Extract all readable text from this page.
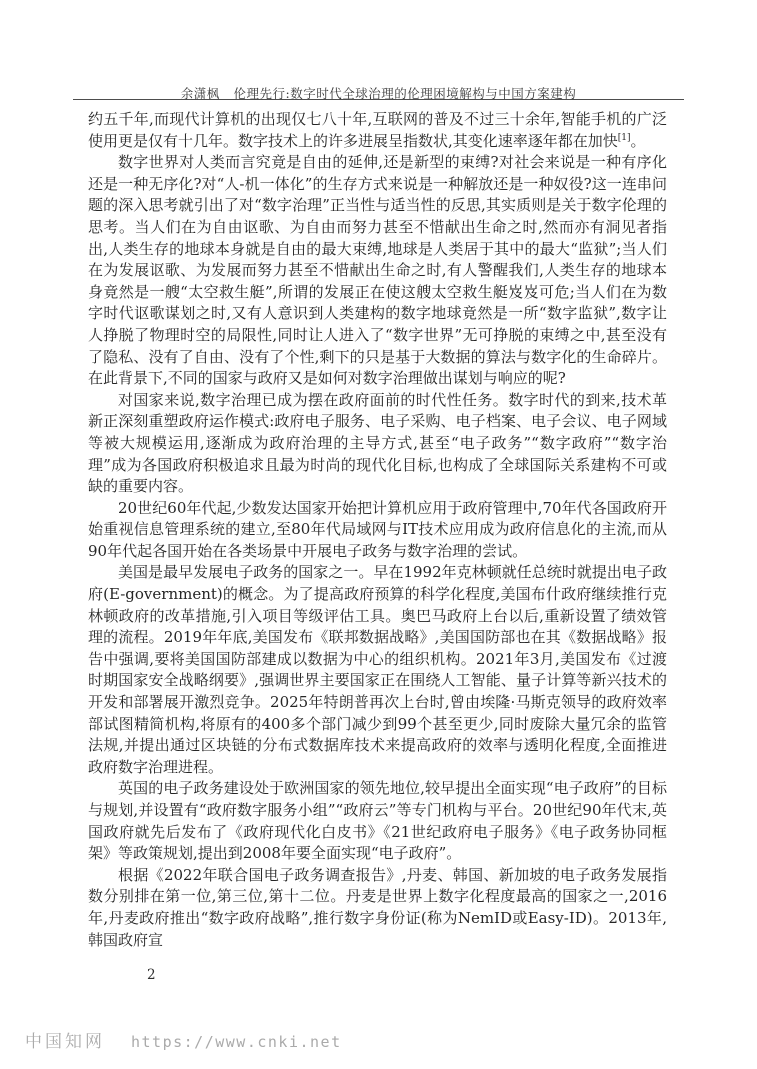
余潇枫 伦理先行:数字时代全球治理的伦理困境解构与中国方案建构

约五千年,而现代计算机的出现仅七八十年,互联网的普及不过三十余年,智能手机的广泛使用更是仅有十几年。数字技术上的许多进展呈指数状,其变化速率逐年都在加快[1]。

数字世界对人类而言究竟是自由的延伸,还是新型的束缚?对社会来说是一种有序化还是一种无序化?对“人-机一体化”的生存方式来说是一种解放还是一种奴役?这一连串问题的深入思考就引出了对“数字治理”正当性与适当性的反思,其实质则是关于数字伦理的思考。当人们在为自由讴歌、为自由而努力甚至不惜献出生命之时,然而亦有洞见者指出,人类生存的地球本身就是自由的最大束缚,地球是人类居于其中的最大“监狱”;当人们在为发展讴歌、为发展而努力甚至不惜献出生命之时,有人警醒我们,人类生存的地球本身竟然是一艘“太空救生艇”,所谓的发展正在使这艘太空救生艇岌岌可危;当人们在为数字时代讴歌谋划之时,又有人意识到人类建构的数字地球竟然是一所“数字监狱”,数字让人挣脱了物理时空的局限性,同时让人进入了“数字世界”无可挣脱的束缚之中,甚至没有了隐私、没有了自由、没有了个性,剩下的只是基于大数据的算法与数字化的生命碎片。在此背景下,不同的国家与政府又是如何对数字治理做出谋划与响应的呢?

对国家来说,数字治理已成为摆在政府面前的时代性任务。数字时代的到来,技术革新正深刻重塑政府运作模式:政府电子服务、电子采购、电子档案、电子会议、电子网域等被大规模运用,逐渐成为政府治理的主导方式,甚至“电子政务”“数字政府”“数字治理”成为各国政府积极追求且最为时尚的现代化目标,也构成了全球国际关系建构不可或缺的重要内容。

20世纪60年代起,少数发达国家开始把计算机应用于政府管理中,70年代各国政府开始重视信息管理系统的建立,至80年代局域网与IT技术应用成为政府信息化的主流,而从90年代起各国开始在各类场景中开展电子政务与数字治理的尝试。

美国是最早发展电子政务的国家之一。早在1992年克林顿就任总统时就提出电子政府(E-government)的概念。为了提高政府预算的科学化程度,美国布什政府继续推行克林顿政府的改革措施,引入项目等级评估工具。奥巴马政府上台以后,重新设置了绩效管理的流程。2019年年底,美国发布《联邦数据战略》,美国国防部也在其《数据战略》报告中强调,要将美国国防部建成以数据为中心的组织机构。2021年3月,美国发布《过渡时期国家安全战略纲要》,强调世界主要国家正在围绕人工智能、量子计算等新兴技术的开发和部署展开激烈竞争。2025年特朗普再次上台时,曾由埃隆·马斯克领导的政府效率部试图精简机构,将原有的400多个部门减少到99个甚至更少,同时废除大量冗余的监管法规,并提出通过区块链的分布式数据库技术来提高政府的效率与透明化程度,全面推进政府数字治理进程。

英国的电子政务建设处于欧洲国家的领先地位,较早提出全面实现“电子政府”的目标与规划,并设置有“政府数字服务小组”“政府云”等专门机构与平台。20世纪90年代末,英国政府就先后发布了《政府现代化白皮书》《21世纪政府电子服务》《电子政务协同框架》等政策规划,提出到2008年要全面实现“电子政府”。

根据《2022年联合国电子政务调查报告》,丹麦、韩国、新加坡的电子政务发展指数分别排在第一位,第三位,第十二位。丹麦是世界上数字化程度最高的国家之一,2016年,丹麦政府推出“数字政府战略”,推行数字身份证(称为NemID或Easy-ID)。2013年,韩国政府宣

2
中国知网 https://www.cnki.net
